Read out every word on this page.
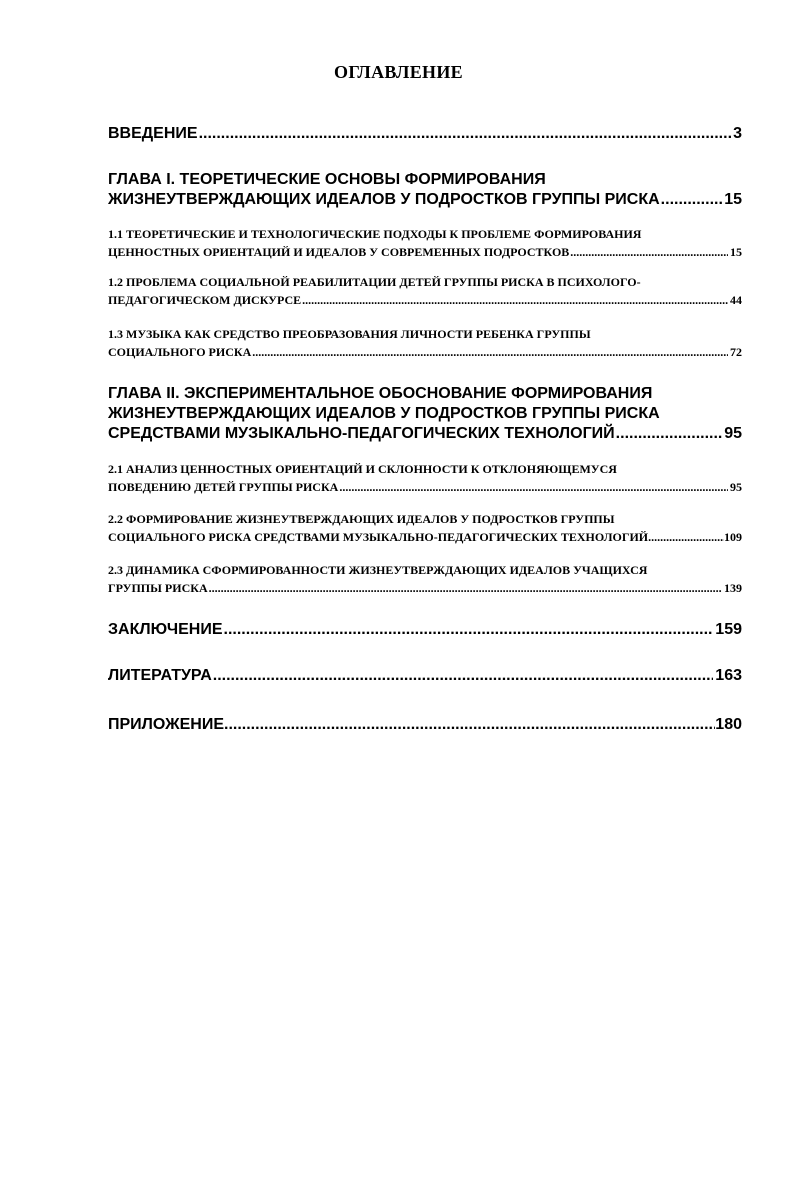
ОГЛАВЛЕНИЕ
ВВЕДЕНИЕ .....	3
ГЛАВА I. ТЕОРЕТИЧЕСКИЕ ОСНОВЫ ФОРМИРОВАНИЯ
ЖИЗНЕУТВЕРЖДАЮЩИХ ИДЕАЛОВ У ПОДРОСТКОВ ГРУППЫ РИСКА .....	15
1.1 ТЕОРЕТИЧЕСКИЕ И ТЕХНОЛОГИЧЕСКИЕ ПОДХОДЫ К ПРОБЛЕМЕ ФОРМИРОВАНИЯ
ЦЕННОСТНЫХ ОРИЕНТАЦИЙ И ИДЕАЛОВ У СОВРЕМЕННЫХ ПОДРОСТКОВ .....	15
1.2 ПРОБЛЕМА СОЦИАЛЬНОЙ РЕАБИЛИТАЦИИ ДЕТЕЙ ГРУППЫ РИСКА В ПСИХОЛОГО-
ПЕДАГОГИЧЕСКОМ ДИСКУРСЕ .....	44
1.3 МУЗЫКА КАК СРЕДСТВО ПРЕОБРАЗОВАНИЯ ЛИЧНОСТИ РЕБЕНКА ГРУППЫ
СОЦИАЛЬНОГО РИСКА .....	72
ГЛАВА II. ЭКСПЕРИМЕНТАЛЬНОЕ ОБОСНОВАНИЕ ФОРМИРОВАНИЯ
ЖИЗНЕУТВЕРЖДАЮЩИХ ИДЕАЛОВ У ПОДРОСТКОВ ГРУППЫ РИСКА
СРЕДСТВАМИ МУЗЫКАЛЬНО-ПЕДАГОГИЧЕСКИХ ТЕХНОЛОГИЙ .....	95
2.1 АНАЛИЗ ЦЕННОСТНЫХ ОРИЕНТАЦИЙ И СКЛОННОСТИ К ОТКЛОНЯЮЩЕМУСЯ
ПОВЕДЕНИЮ ДЕТЕЙ ГРУППЫ РИСКА .....	95
2.2 ФОРМИРОВАНИЕ ЖИЗНЕУТВЕРЖДАЮЩИХ ИДЕАЛОВ У ПОДРОСТКОВ ГРУППЫ
СОЦИАЛЬНОГО РИСКА СРЕДСТВАМИ МУЗЫКАЛЬНО-ПЕДАГОГИЧЕСКИХ ТЕХНОЛОГИЙ .....	109
2.3 ДИНАМИКА СФОРМИРОВАННОСТИ ЖИЗНЕУТВЕРЖДАЮЩИХ ИДЕАЛОВ УЧАЩИХСЯ
ГРУППЫ РИСКА .....	139
ЗАКЛЮЧЕНИЕ .....	159
ЛИТЕРАТУРА .....	163
ПРИЛОЖЕНИЕ .....	180
